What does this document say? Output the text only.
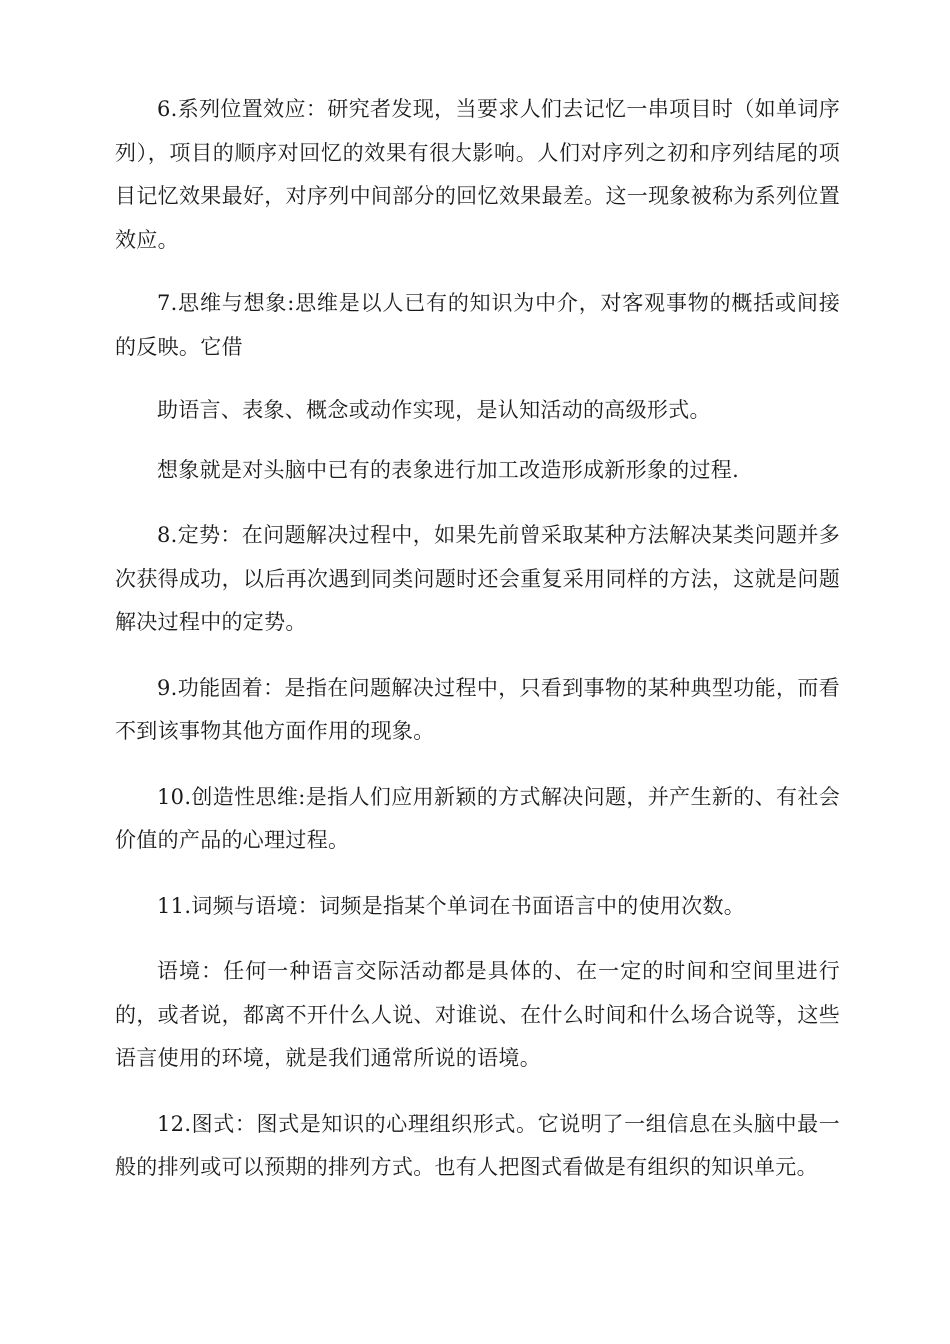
6.系列位置效应：研究者发现，当要求人们去记忆一串项目时（如单词序列），项目的顺序对回忆的效果有很大影响。人们对序列之初和序列结尾的项目记忆效果最好，对序列中间部分的回忆效果最差。这一现象被称为系列位置效应。

7.思维与想象:思维是以人已有的知识为中介，对客观事物的概括或间接的反映。它借

助语言、表象、概念或动作实现，是认知活动的高级形式。

想象就是对头脑中已有的表象进行加工改造形成新形象的过程.

8.定势：在问题解决过程中，如果先前曾采取某种方法解决某类问题并多次获得成功，以后再次遇到同类问题时还会重复采用同样的方法，这就是问题解决过程中的定势。

9.功能固着：是指在问题解决过程中，只看到事物的某种典型功能，而看不到该事物其他方面作用的现象。

10.创造性思维:是指人们应用新颖的方式解决问题，并产生新的、有社会价值的产品的心理过程。

11.词频与语境：词频是指某个单词在书面语言中的使用次数。

语境：任何一种语言交际活动都是具体的、在一定的时间和空间里进行的，或者说，都离不开什么人说、对谁说、在什么时间和什么场合说等，这些语言使用的环境，就是我们通常所说的语境。

12.图式：图式是知识的心理组织形式。它说明了一组信息在头脑中最一般的排列或可以预期的排列方式。也有人把图式看做是有组织的知识单元。
